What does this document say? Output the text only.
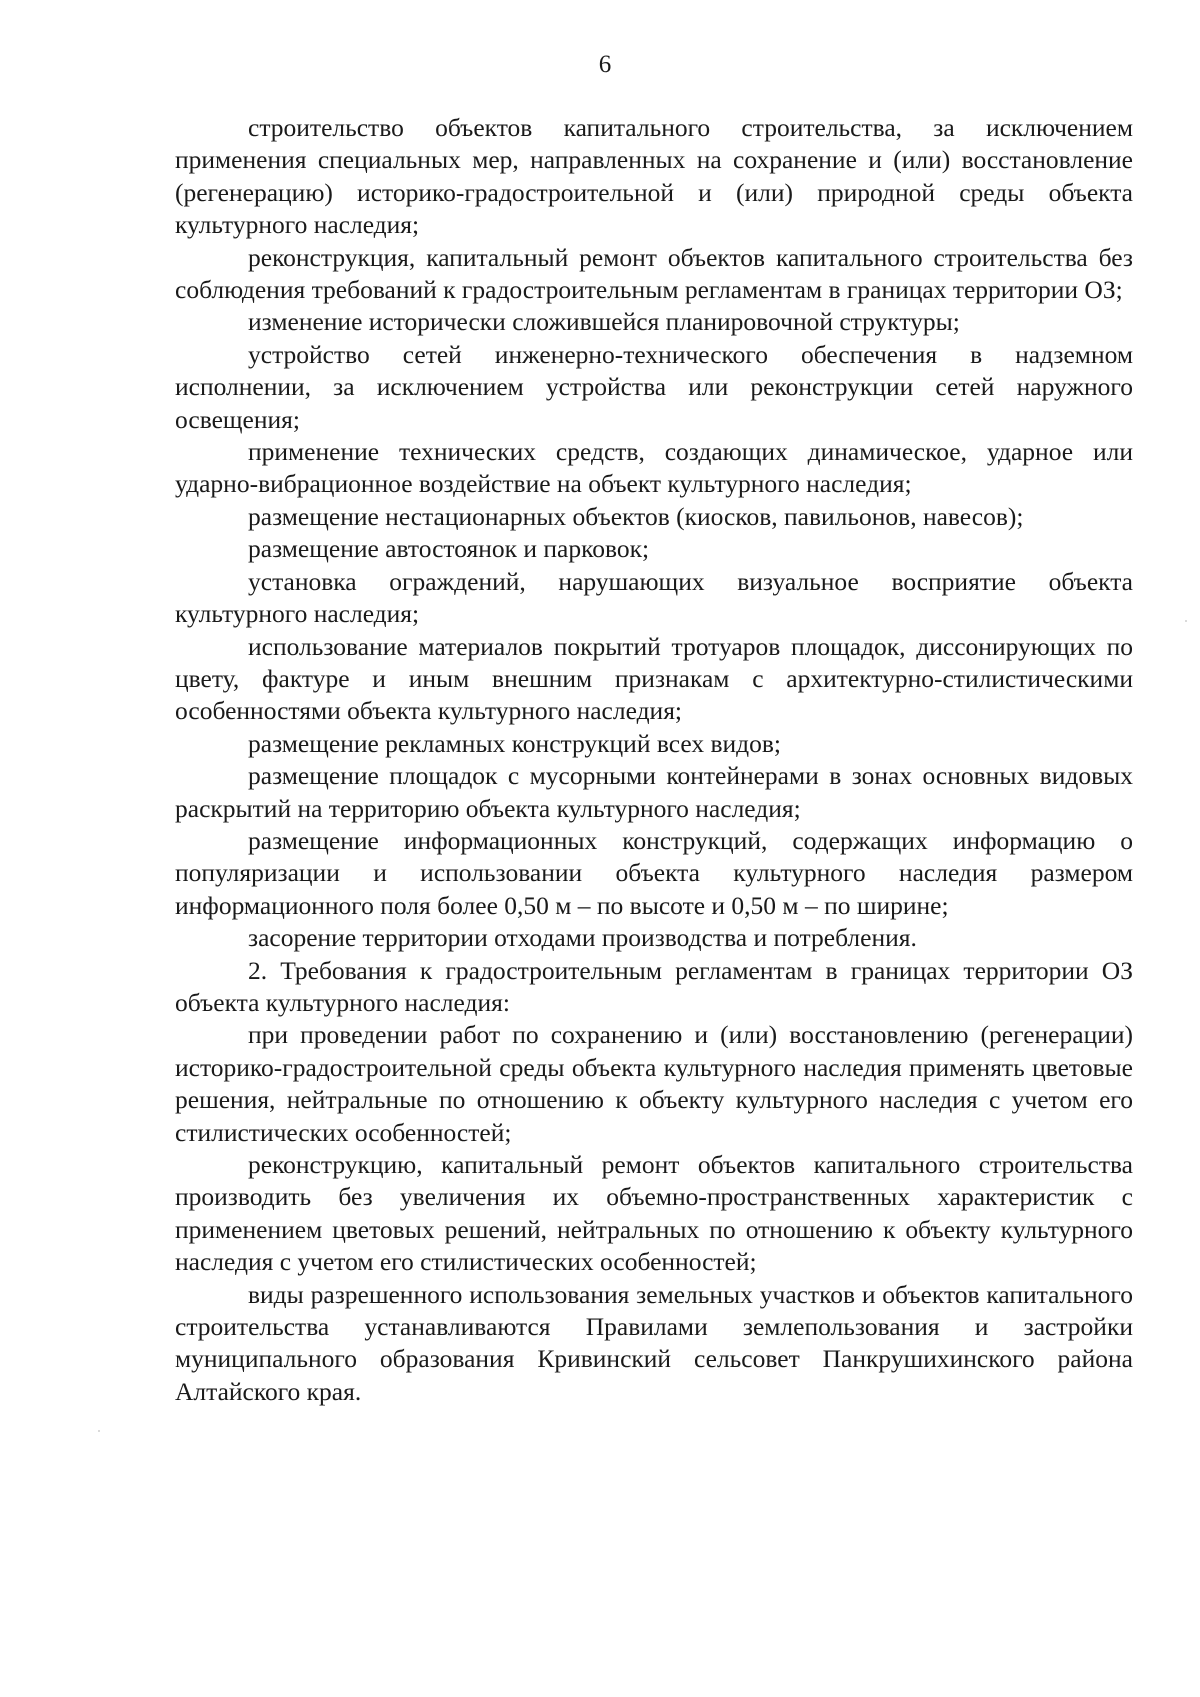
6

строительство объектов капитального строительства, за исключением применения специальных мер, направленных на сохранение и (или) восстановление (регенерацию) историко-градостроительной и (или) природной среды объекта культурного наследия;

реконструкция, капитальный ремонт объектов капитального строительства без соблюдения требований к градостроительным регламентам в границах территории ОЗ;

изменение исторически сложившейся планировочной структуры;

устройство сетей инженерно-технического обеспечения в надземном исполнении, за исключением устройства или реконструкции сетей наружного освещения;

применение технических средств, создающих динамическое, ударное или ударно-вибрационное воздействие на объект культурного наследия;

размещение нестационарных объектов (киосков, павильонов, навесов);

размещение автостоянок и парковок;

установка ограждений, нарушающих визуальное восприятие объекта культурного наследия;

использование материалов покрытий тротуаров площадок, диссонирующих по цвету, фактуре и иным внешним признакам с архитектурно-стилистическими особенностями объекта культурного наследия;

размещение рекламных конструкций всех видов;

размещение площадок с мусорными контейнерами в зонах основных видовых раскрытий на территорию объекта культурного наследия;

размещение информационных конструкций, содержащих информацию о популяризации и использовании объекта культурного наследия размером информационного поля более 0,50 м – по высоте и 0,50 м – по ширине;

засорение территории отходами производства и потребления.

2. Требования к градостроительным регламентам в границах территории ОЗ объекта культурного наследия:

при проведении работ по сохранению и (или) восстановлению (регенерации) историко-градостроительной среды объекта культурного наследия применять цветовые решения, нейтральные по отношению к объекту культурного наследия с учетом его стилистических особенностей;

реконструкцию, капитальный ремонт объектов капитального строительства производить без увеличения их объемно-пространственных характеристик с применением цветовых решений, нейтральных по отношению к объекту культурного наследия с учетом его стилистических особенностей;

виды разрешенного использования земельных участков и объектов капитального строительства устанавливаются Правилами землепользования и застройки муниципального образования Кривинский сельсовет Панкрушихинского района Алтайского края.
